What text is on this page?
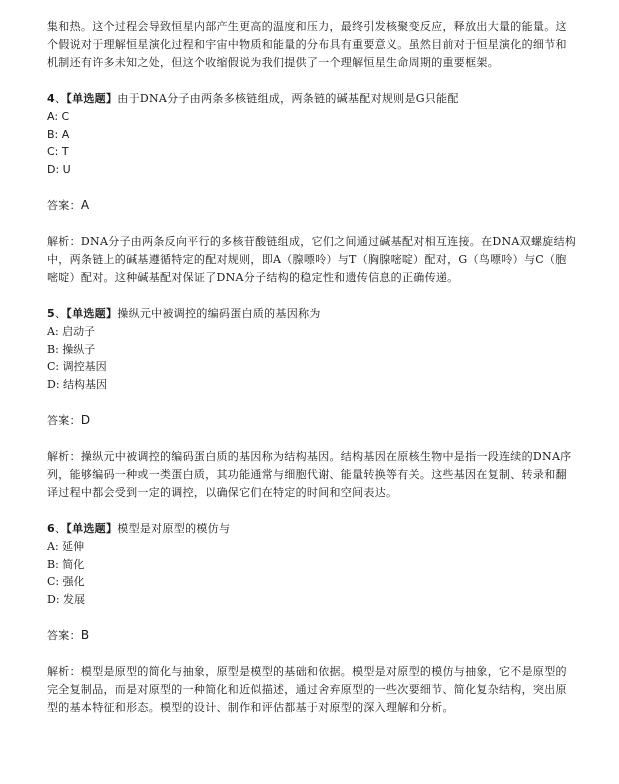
集和热。这个过程会导致恒星内部产生更高的温度和压力，最终引发核聚变反应，释放出大量的能量。这个假说对于理解恒星演化过程和宇宙中物质和能量的分布具有重要意义。虽然目前对于恒星演化的细节和机制还有许多未知之处，但这个收缩假说为我们提供了一个理解恒星生命周期的重要框架。

4、【单选题】由于DNA分子由两条多核链组成，两条链的碱基配对规则是G只能配

A: C
B: A
C: T
D: U

答案：A

解析：DNA分子由两条反向平行的多核苷酸链组成，它们之间通过碱基配对相互连接。在DNA双螺旋结构中，两条链上的碱基遵循特定的配对规则，即A（腺嘌呤）与T（胸腺嘧啶）配对，G（鸟嘌呤）与C（胞嘧啶）配对。这种碱基配对保证了DNA分子结构的稳定性和遗传信息的正确传递。

5、【单选题】操纵元中被调控的编码蛋白质的基因称为

A: 启动子
B: 操纵子
C: 调控基因
D: 结构基因

答案：D

解析：操纵元中被调控的编码蛋白质的基因称为结构基因。结构基因在原核生物中是指一段连续的DNA序列，能够编码一种或一类蛋白质，其功能通常与细胞代谢、能量转换等有关。这些基因在复制、转录和翻译过程中都会受到一定的调控，以确保它们在特定的时间和空间表达。

6、【单选题】模型是对原型的模仿与

A: 延伸
B: 简化
C: 强化
D: 发展

答案：B

解析：模型是原型的简化与抽象，原型是模型的基础和依据。模型是对原型的模仿与抽象，它不是原型的完全复制品，而是对原型的一种简化和近似描述，通过舍弃原型的一些次要细节、简化复杂结构，突出原型的基本特征和形态。模型的设计、制作和评估都基于对原型的深入理解和分析。
